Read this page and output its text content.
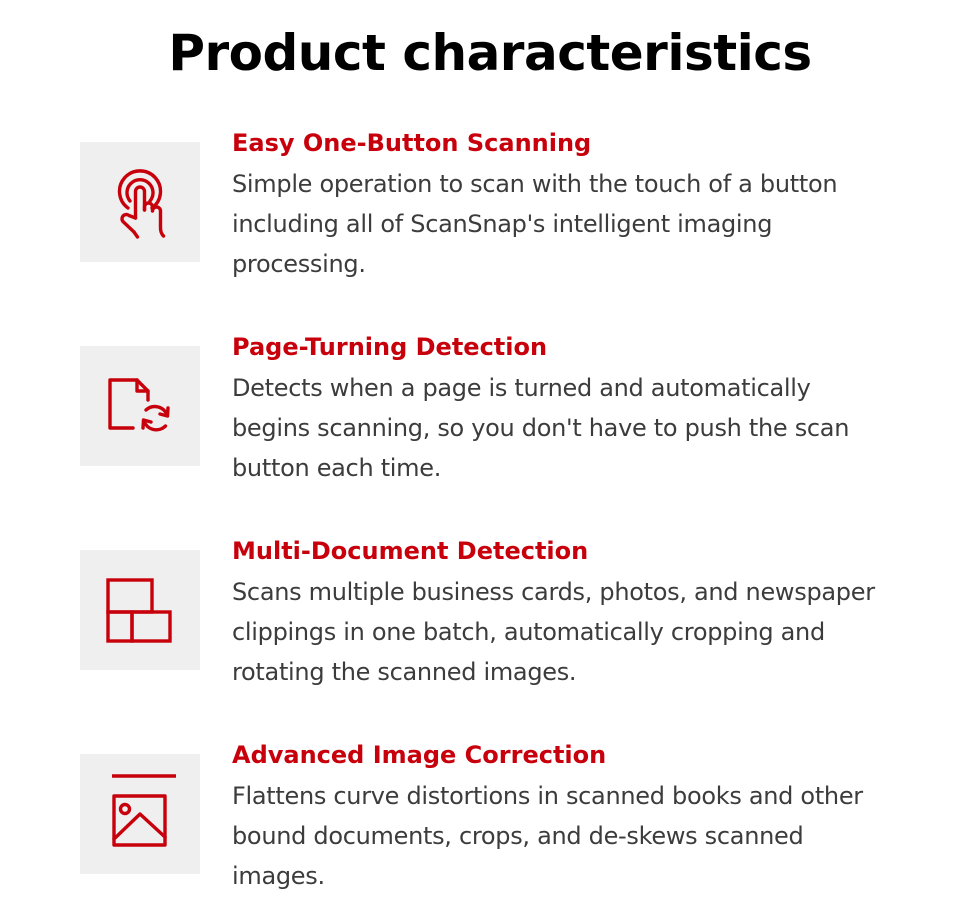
Product characteristics
Easy One-Button Scanning
Simple operation to scan with the touch of a button
including all of ScanSnap's intelligent imaging
processing.
Page-Turning Detection
Detects when a page is turned and automatically
begins scanning, so you don't have to push the scan
button each time.
Multi-Document Detection
Scans multiple business cards, photos, and newspaper
clippings in one batch, automatically cropping and
rotating the scanned images.
Advanced Image Correction
Flattens curve distortions in scanned books and other
bound documents, crops, and de-skews scanned
images.
